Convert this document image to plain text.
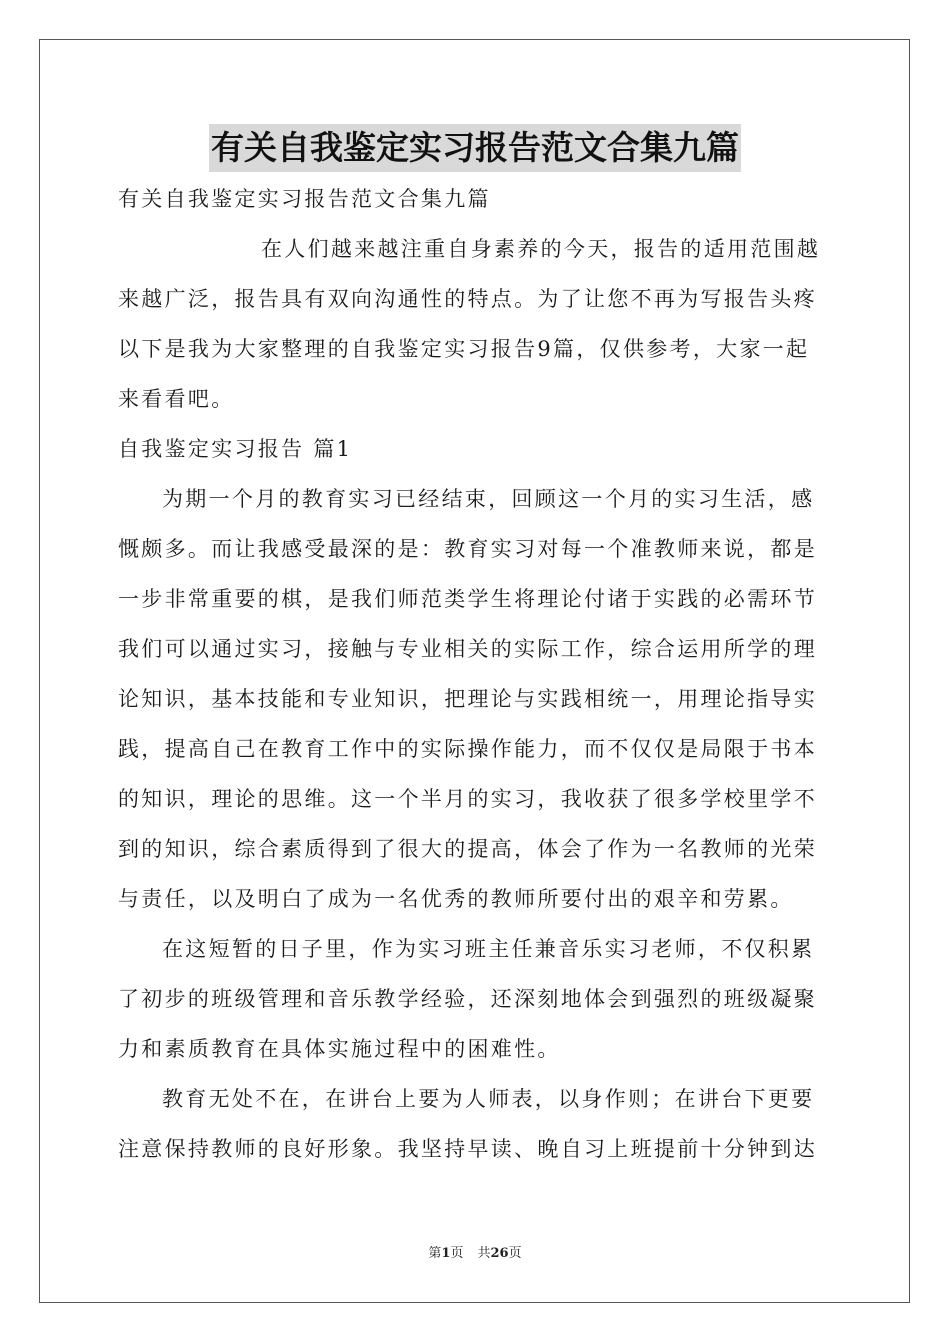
有关自我鉴定实习报告范文合集九篇
有关自我鉴定实习报告范文合集九篇
在人们越来越注重自身素养的今天，报告的适用范围越
来越广泛，报告具有双向沟通性的特点。为了让您不再为写报告头疼
以下是我为大家整理的自我鉴定实习报告9篇，仅供参考，大家一起
来看看吧。
自我鉴定实习报告 篇1
为期一个月的教育实习已经结束，回顾这一个月的实习生活，感
慨颇多。而让我感受最深的是：教育实习对每一个准教师来说，都是
一步非常重要的棋，是我们师范类学生将理论付诸于实践的必需环节
我们可以通过实习，接触与专业相关的实际工作，综合运用所学的理
论知识，基本技能和专业知识，把理论与实践相统一，用理论指导实
践，提高自己在教育工作中的实际操作能力，而不仅仅是局限于书本
的知识，理论的思维。这一个半月的实习，我收获了很多学校里学不
到的知识，综合素质得到了很大的提高，体会了作为一名教师的光荣
与责任，以及明白了成为一名优秀的教师所要付出的艰辛和劳累。
在这短暂的日子里，作为实习班主任兼音乐实习老师，不仅积累
了初步的班级管理和音乐教学经验，还深刻地体会到强烈的班级凝聚
力和素质教育在具体实施过程中的困难性。
教育无处不在，在讲台上要为人师表，以身作则；在讲台下更要
注意保持教师的良好形象。我坚持早读、晚自习上班提前十分钟到达
第1页 共26页
